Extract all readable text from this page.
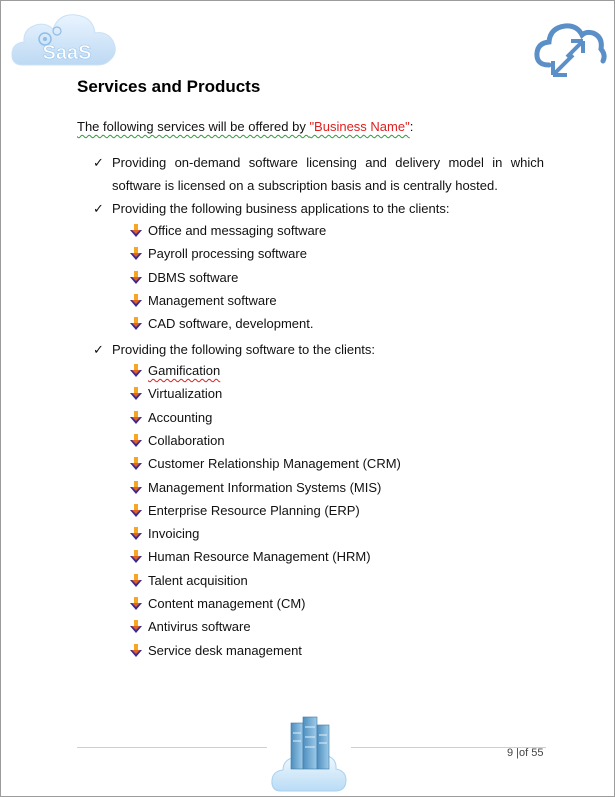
SaaS
Services and Products
The following services will be offered by "Business Name":
✓ Providing on-demand software licensing and delivery model in which software is licensed on a subscription basis and is centrally hosted.
✓ Providing the following business applications to the clients:
Office and messaging software
Payroll processing software
DBMS software
Management software
CAD software, development.
✓ Providing the following software to the clients:
Gamification
Virtualization
Accounting
Collaboration
Customer Relationship Management (CRM)
Management Information Systems (MIS)
Enterprise Resource Planning (ERP)
Invoicing
Human Resource Management (HRM)
Talent acquisition
Content management (CM)
Antivirus software
Service desk management
9 |of 55
